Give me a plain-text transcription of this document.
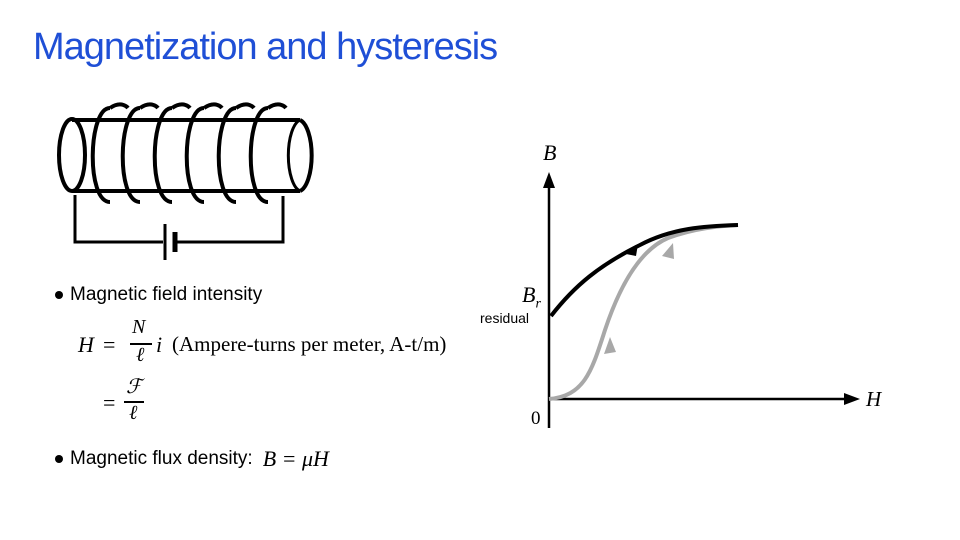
Magnetization and hysteresis
B
H
0
$B_r$
residual
Magnetic field intensity
H =
N
ℓ i (Ampere-turns per meter, A-t/m)
=
ℱ
ℓ
Magnetic flux density: B = μH
